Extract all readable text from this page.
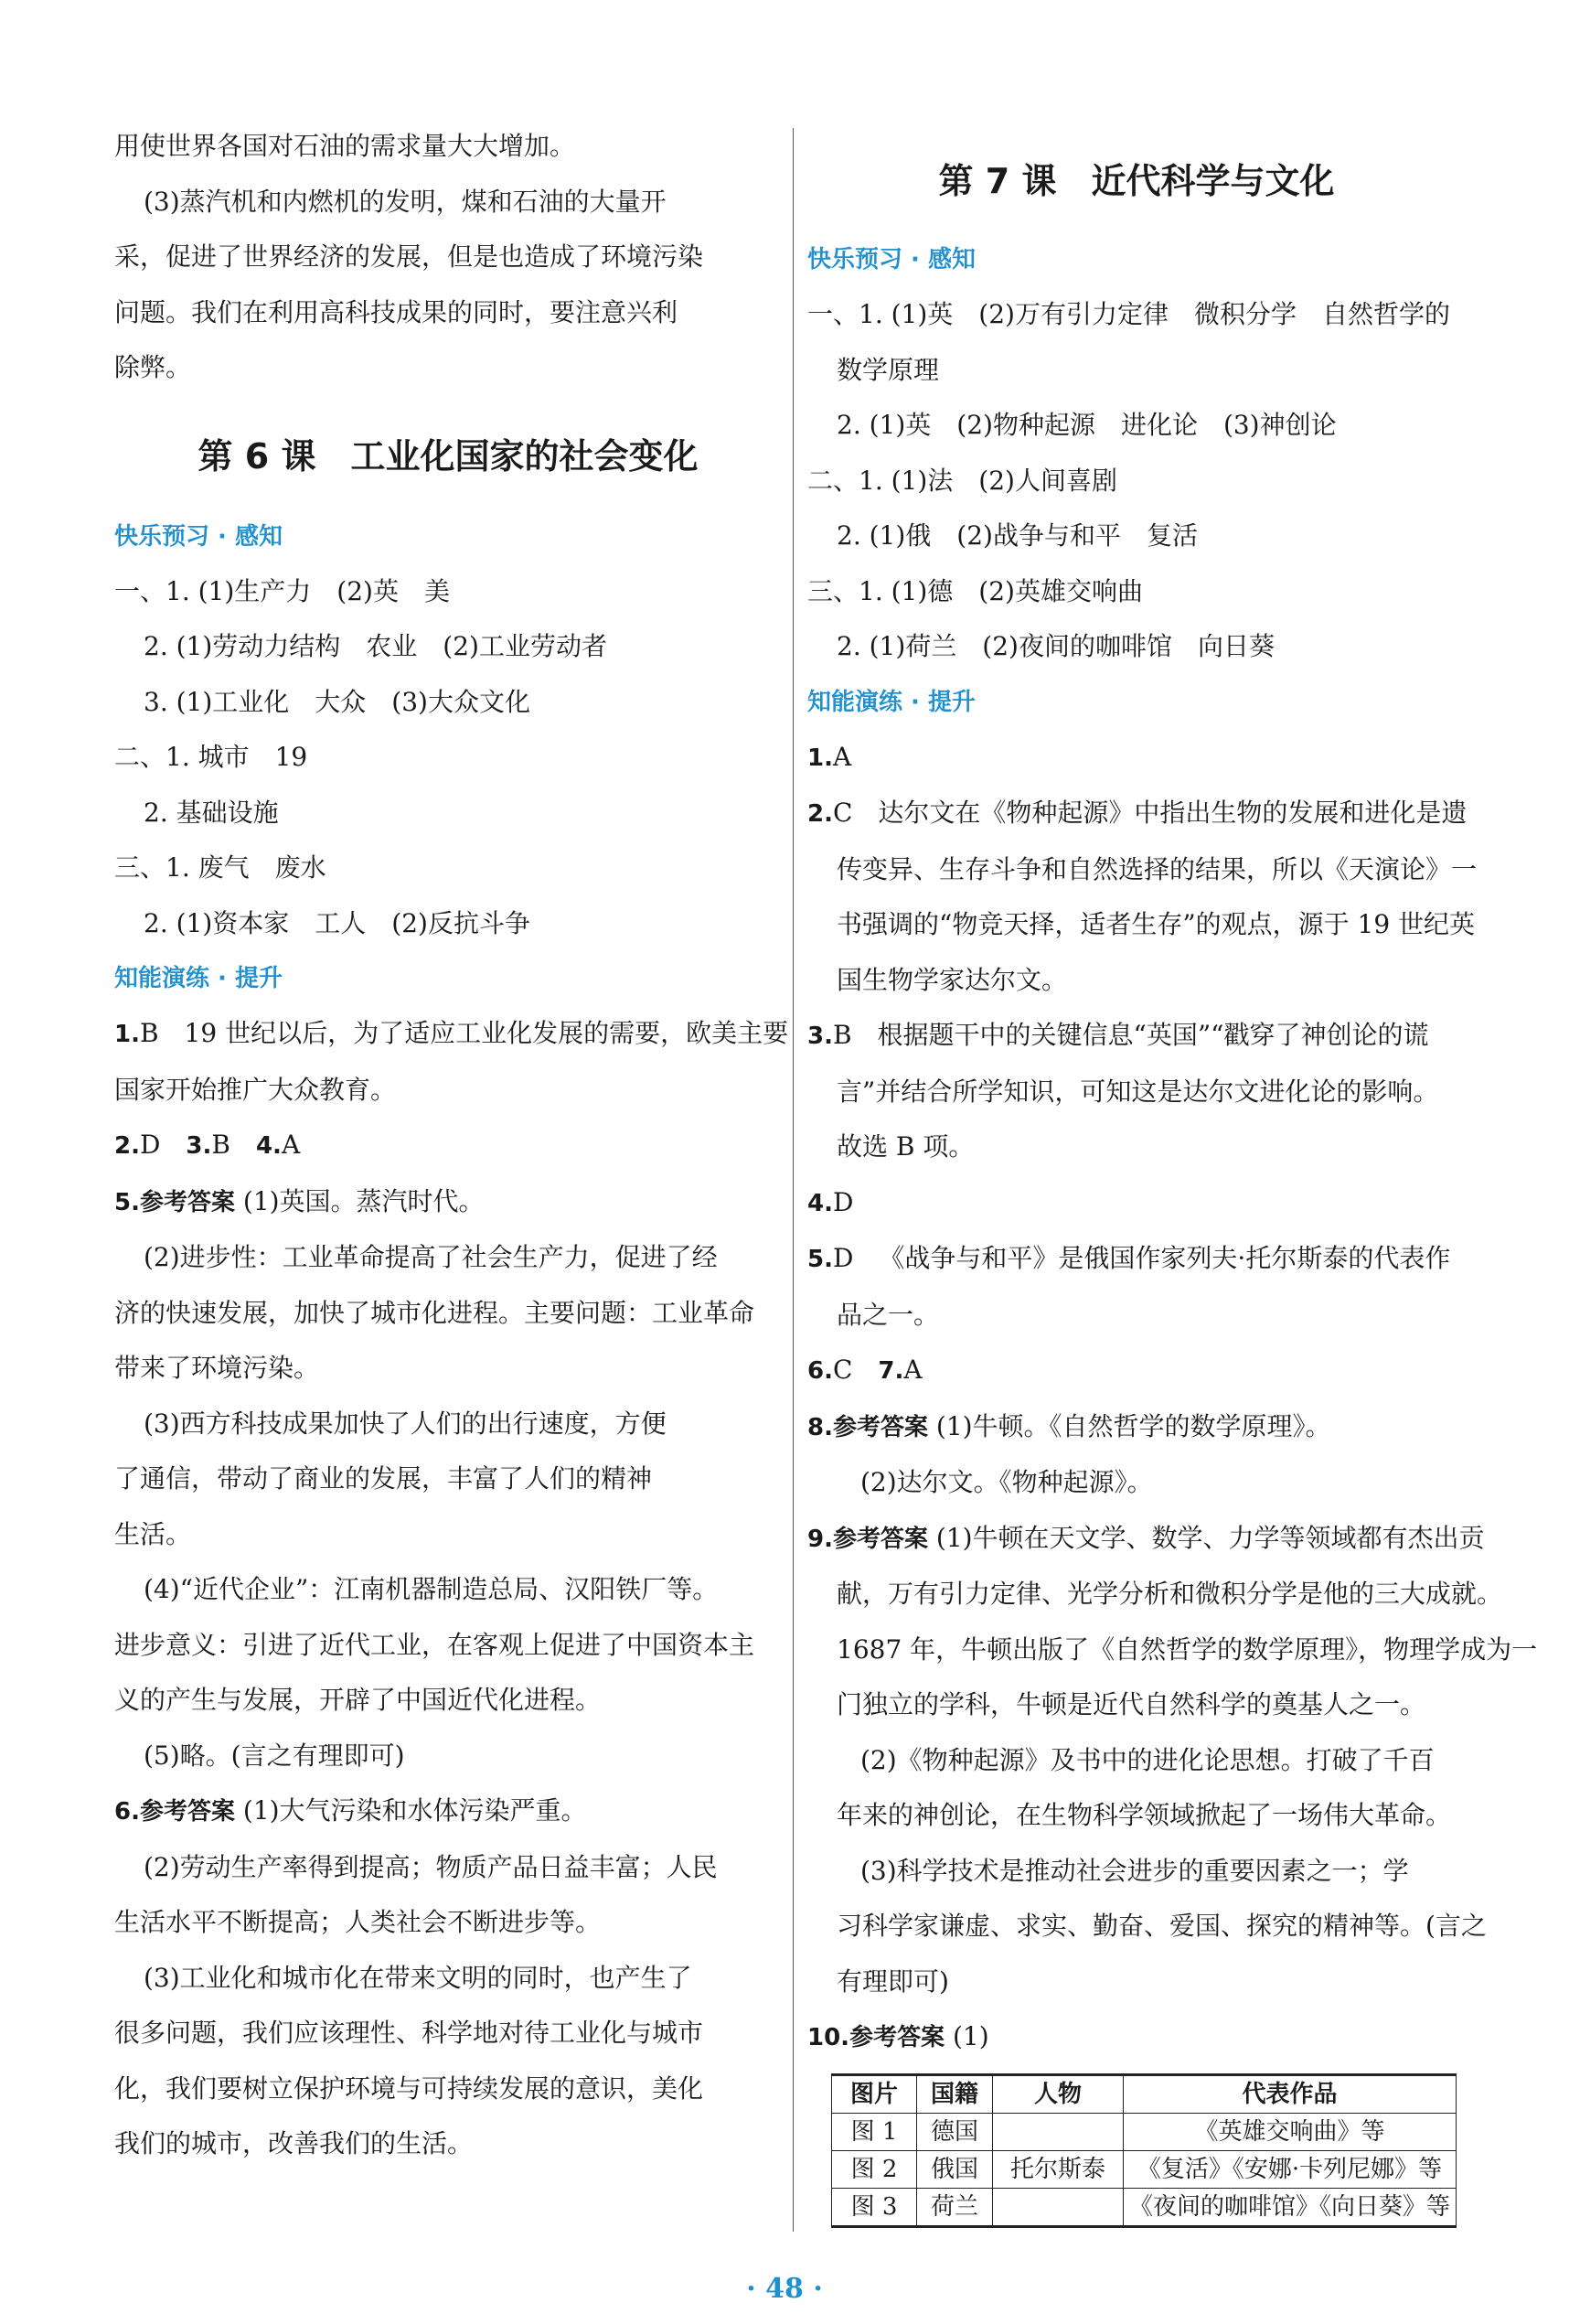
用使世界各国对石油的需求量大大增加。
(3)蒸汽机和内燃机的发明，煤和石油的大量开
采，促进了世界经济的发展，但是也造成了环境污染
问题。我们在利用高科技成果的同时，要注意兴利
除弊。
第 6 课　工业化国家的社会变化
快乐预习 · 感知
一、1. (1)生产力　(2)英　美
2. (1)劳动力结构　农业　(2)工业劳动者
3. (1)工业化　大众　(3)大众文化
二、1. 城市　19
2. 基础设施
三、1. 废气　废水
2. (1)资本家　工人　(2)反抗斗争
知能演练 · 提升
1.B 19 世纪以后，为了适应工业化发展的需要，欧美主要
国家开始推广大众教育。
2.D 3.B 4.A
5.参考答案 (1)英国。蒸汽时代。
(2)进步性：工业革命提高了社会生产力，促进了经
济的快速发展，加快了城市化进程。主要问题：工业革命
带来了环境污染。
(3)西方科技成果加快了人们的出行速度，方便
了通信，带动了商业的发展，丰富了人们的精神
生活。
(4)“近代企业”：江南机器制造总局、汉阳铁厂等。
进步意义：引进了近代工业，在客观上促进了中国资本主
义的产生与发展，开辟了中国近代化进程。
(5)略。(言之有理即可)
6.参考答案 (1)大气污染和水体污染严重。
(2)劳动生产率得到提高；物质产品日益丰富；人民
生活水平不断提高；人类社会不断进步等。
(3)工业化和城市化在带来文明的同时，也产生了
很多问题，我们应该理性、科学地对待工业化与城市
化，我们要树立保护环境与可持续发展的意识，美化
我们的城市，改善我们的生活。
第 7 课　近代科学与文化
快乐预习 · 感知
一、1. (1)英　(2)万有引力定律　微积分学　自然哲学的
数学原理
2. (1)英　(2)物种起源　进化论　(3)神创论
二、1. (1)法　(2)人间喜剧
2. (1)俄　(2)战争与和平　复活
三、1. (1)德　(2)英雄交响曲
2. (1)荷兰　(2)夜间的咖啡馆　向日葵
知能演练 · 提升
1.A
2.C 达尔文在《物种起源》中指出生物的发展和进化是遗
传变异、生存斗争和自然选择的结果，所以《天演论》一
书强调的“物竞天择，适者生存”的观点，源于 19 世纪英
国生物学家达尔文。
3.B 根据题干中的关键信息“英国”“戳穿了神创论的谎
言”并结合所学知识，可知这是达尔文进化论的影响。
故选 B 项。
4.D
5.D 《战争与和平》是俄国作家列夫·托尔斯泰的代表作
品之一。
6.C 7.A
8.参考答案 (1)牛顿。《自然哲学的数学原理》。
(2)达尔文。《物种起源》。
9.参考答案 (1)牛顿在天文学、数学、力学等领域都有杰出贡
献，万有引力定律、光学分析和微积分学是他的三大成就。
1687 年，牛顿出版了《自然哲学的数学原理》，物理学成为一
门独立的学科，牛顿是近代自然科学的奠基人之一。
(2)《物种起源》及书中的进化论思想。打破了千百
年来的神创论，在生物科学领域掀起了一场伟大革命。
(3)科学技术是推动社会进步的重要因素之一；学
习科学家谦虚、求实、勤奋、爱国、探究的精神等。(言之
有理即可)
10.参考答案 (1)
图片	国籍	人物	代表作品
图 1	德国		《英雄交响曲》等
图 2	俄国	托尔斯泰	《复活》《安娜·卡列尼娜》等
图 3	荷兰		《夜间的咖啡馆》《向日葵》等
· 48 ·
